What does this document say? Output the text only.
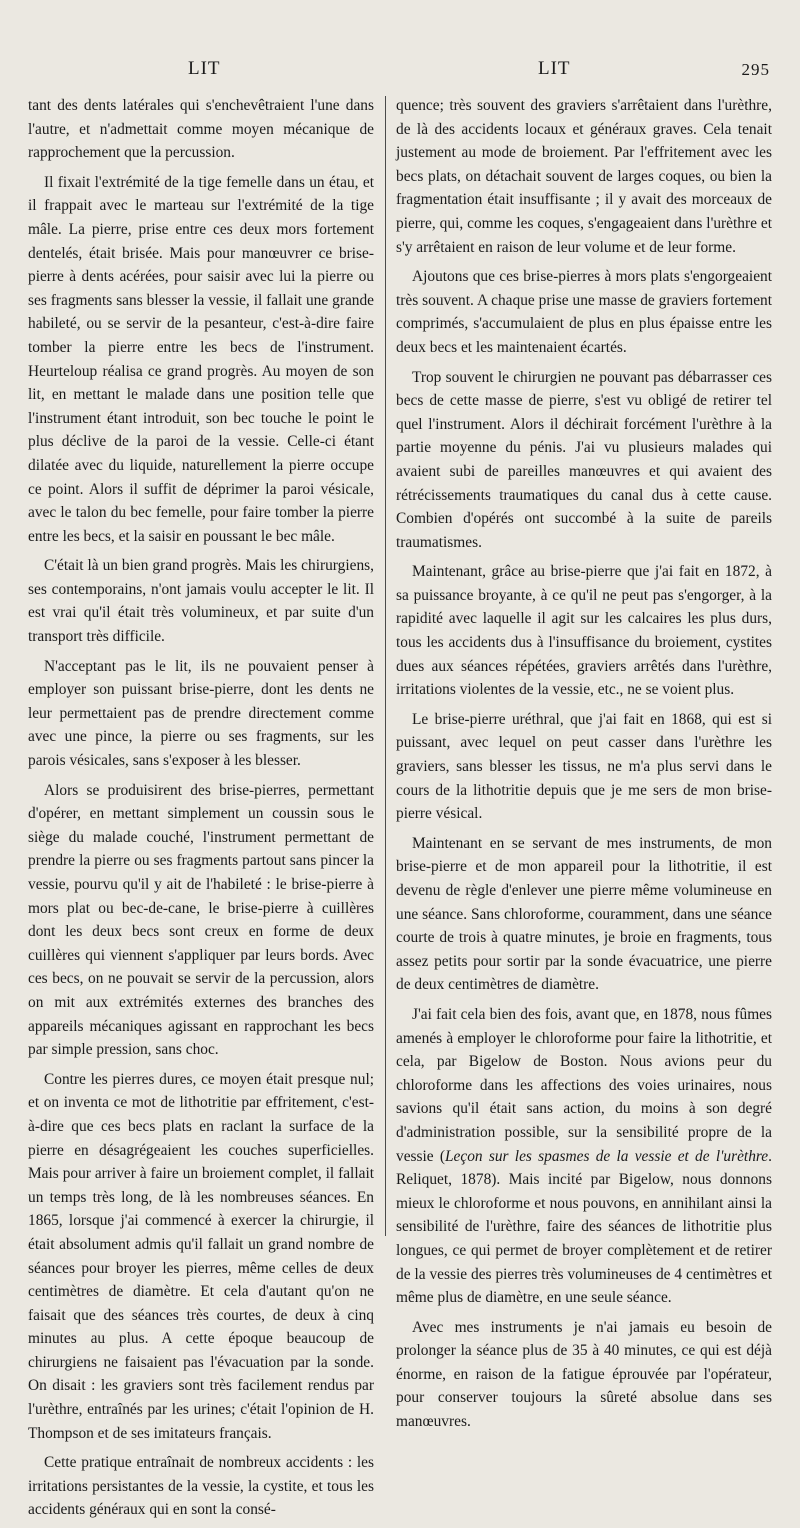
LIT	LIT	295

tant des dents latérales qui s'enchevêtraient l'une dans l'autre, et n'admettait comme moyen mécanique de rapprochement que la percussion.

Il fixait l'extrémité de la tige femelle dans un étau, et il frappait avec le marteau sur l'extrémité de la tige mâle. La pierre, prise entre ces deux mors fortement dentelés, était brisée. Mais pour manœuvrer ce brise-pierre à dents acérées, pour saisir avec lui la pierre ou ses fragments sans blesser la vessie, il fallait une grande habileté, ou se servir de la pesanteur, c'est-à-dire faire tomber la pierre entre les becs de l'instrument. Heurteloup réalisa ce grand progrès. Au moyen de son lit, en mettant le malade dans une position telle que l'instrument étant introduit, son bec touche le point le plus déclive de la paroi de la vessie. Celle-ci étant dilatée avec du liquide, naturellement la pierre occupe ce point. Alors il suffit de déprimer la paroi vésicale, avec le talon du bec femelle, pour faire tomber la pierre entre les becs, et la saisir en poussant le bec mâle.

C'était là un bien grand progrès. Mais les chirurgiens, ses contemporains, n'ont jamais voulu accepter le lit. Il est vrai qu'il était très volumineux, et par suite d'un transport très difficile.

N'acceptant pas le lit, ils ne pouvaient penser à employer son puissant brise-pierre, dont les dents ne leur permettaient pas de prendre directement comme avec une pince, la pierre ou ses fragments, sur les parois vésicales, sans s'exposer à les blesser.

Alors se produisirent des brise-pierres, permettant d'opérer, en mettant simplement un coussin sous le siège du malade couché, l'instrument permettant de prendre la pierre ou ses fragments partout sans pincer la vessie, pourvu qu'il y ait de l'habileté : le brise-pierre à mors plat ou bec-de-cane, le brise-pierre à cuillères dont les deux becs sont creux en forme de deux cuillères qui viennent s'appliquer par leurs bords. Avec ces becs, on ne pouvait se servir de la percussion, alors on mit aux extrémités externes des branches des appareils mécaniques agissant en rapprochant les becs par simple pression, sans choc.

Contre les pierres dures, ce moyen était presque nul; et on inventa ce mot de lithotritie par effritement, c'est-à-dire que ces becs plats en raclant la surface de la pierre en désagrégeaient les couches superficielles. Mais pour arriver à faire un broiement complet, il fallait un temps très long, de là les nombreuses séances. En 1865, lorsque j'ai commencé à exercer la chirurgie, il était absolument admis qu'il fallait un grand nombre de séances pour broyer les pierres, même celles de deux centimètres de diamètre. Et cela d'autant qu'on ne faisait que des séances très courtes, de deux à cinq minutes au plus. A cette époque beaucoup de chirurgiens ne faisaient pas l'évacuation par la sonde. On disait : les graviers sont très facilement rendus par l'urèthre, entraînés par les urines; c'était l'opinion de H. Thompson et de ses imitateurs français.

Cette pratique entraînait de nombreux accidents : les irritations persistantes de la vessie, la cystite, et tous les accidents généraux qui en sont la consé-

quence; très souvent des graviers s'arrêtaient dans l'urèthre, de là des accidents locaux et généraux graves. Cela tenait justement au mode de broiement. Par l'effritement avec les becs plats, on détachait souvent de larges coques, ou bien la fragmentation était insuffisante ; il y avait des morceaux de pierre, qui, comme les coques, s'engageaient dans l'urèthre et s'y arrêtaient en raison de leur volume et de leur forme.

Ajoutons que ces brise-pierres à mors plats s'engorgeaient très souvent. A chaque prise une masse de graviers fortement comprimés, s'accumulaient de plus en plus épaisse entre les deux becs et les maintenaient écartés.

Trop souvent le chirurgien ne pouvant pas débarrasser ces becs de cette masse de pierre, s'est vu obligé de retirer tel quel l'instrument. Alors il déchirait forcément l'urèthre à la partie moyenne du pénis. J'ai vu plusieurs malades qui avaient subi de pareilles manœuvres et qui avaient des rétrécissements traumatiques du canal dus à cette cause. Combien d'opérés ont succombé à la suite de pareils traumatismes.

Maintenant, grâce au brise-pierre que j'ai fait en 1872, à sa puissance broyante, à ce qu'il ne peut pas s'engorger, à la rapidité avec laquelle il agit sur les calcaires les plus durs, tous les accidents dus à l'insuffisance du broiement, cystites dues aux séances répétées, graviers arrêtés dans l'urèthre, irritations violentes de la vessie, etc., ne se voient plus.

Le brise-pierre uréthral, que j'ai fait en 1868, qui est si puissant, avec lequel on peut casser dans l'urèthre les graviers, sans blesser les tissus, ne m'a plus servi dans le cours de la lithotritie depuis que je me sers de mon brise-pierre vésical.

Maintenant en se servant de mes instruments, de mon brise-pierre et de mon appareil pour la lithotritie, il est devenu de règle d'enlever une pierre même volumineuse en une séance. Sans chloroforme, couramment, dans une séance courte de trois à quatre minutes, je broie en fragments, tous assez petits pour sortir par la sonde évacuatrice, une pierre de deux centimètres de diamètre.

J'ai fait cela bien des fois, avant que, en 1878, nous fûmes amenés à employer le chloroforme pour faire la lithotritie, et cela, par Bigelow de Boston. Nous avions peur du chloroforme dans les affections des voies urinaires, nous savions qu'il était sans action, du moins à son degré d'administration possible, sur la sensibilité propre de la vessie (Leçon sur les spasmes de la vessie et de l'urèthre. Reliquet, 1878). Mais incité par Bigelow, nous donnons mieux le chloroforme et nous pouvons, en annihilant ainsi la sensibilité de l'urèthre, faire des séances de lithotritie plus longues, ce qui permet de broyer complètement et de retirer de la vessie des pierres très volumineuses de 4 centimètres et même plus de diamètre, en une seule séance.

Avec mes instruments je n'ai jamais eu besoin de prolonger la séance plus de 35 à 40 minutes, ce qui est déjà énorme, en raison de la fatigue éprouvée par l'opérateur, pour conserver toujours la sûreté absolue dans ses manœuvres.
